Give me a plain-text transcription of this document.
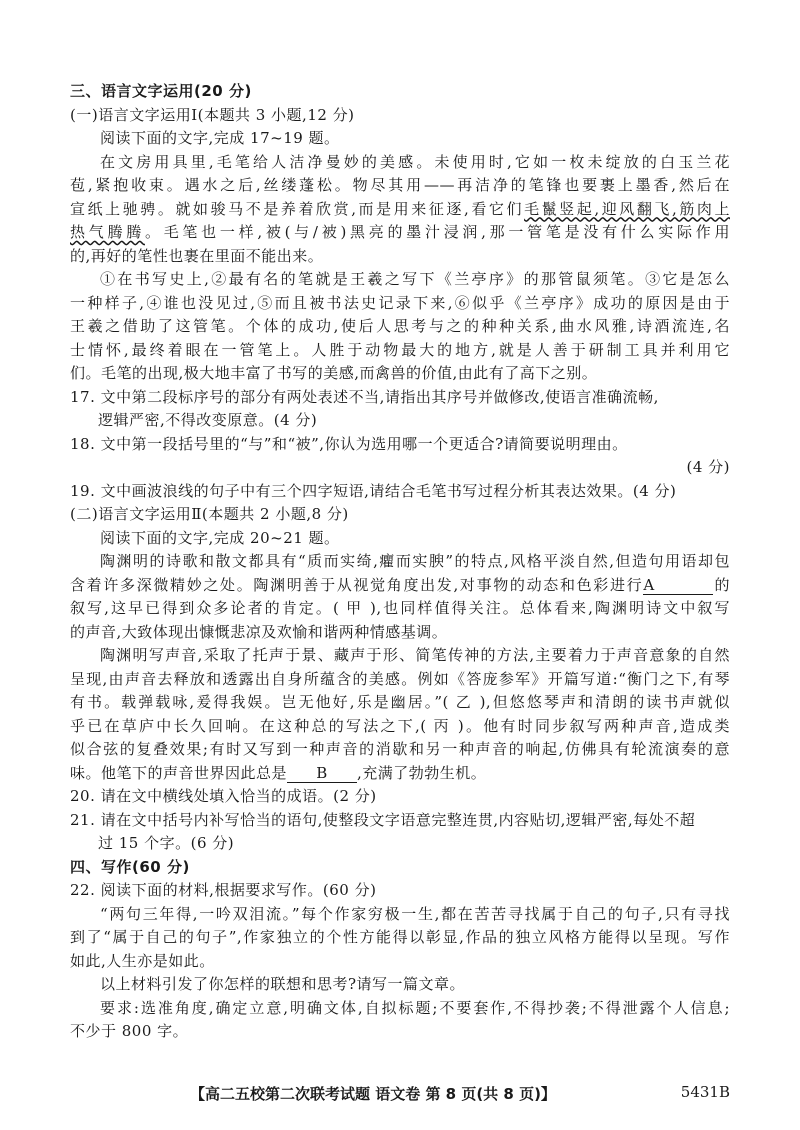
三、语言文字运用(20 分)
(一)语言文字运用Ⅰ(本题共 3 小题,12 分)
阅读下面的文字,完成 17~19 题。
在文房用具里,毛笔给人洁净曼妙的美感。未使用时,它如一枚未绽放的白玉兰花
苞,紧抱收束。遇水之后,丝缕蓬松。物尽其用——再洁净的笔锋也要裹上墨香,然后在
宣纸上驰骋。就如骏马不是养着欣赏,而是用来征逐,看它们毛鬣竖起,迎风翻飞,筋肉上
热气腾腾。毛笔也一样,被(与/被)黑亮的墨汁浸润,那一管笔是没有什么实际作用
的,再好的笔性也裹在里面不能出来。
①在书写史上,②最有名的笔就是王羲之写下《兰亭序》的那管鼠须笔。③它是怎么
一种样子,④谁也没见过,⑤而且被书法史记录下来,⑥似乎《兰亭序》成功的原因是由于
王羲之借助了这管笔。个体的成功,使后人思考与之的种种关系,曲水风雅,诗酒流连,名
士情怀,最终着眼在一管笔上。人胜于动物最大的地方,就是人善于研制工具并利用它
们。毛笔的出现,极大地丰富了书写的美感,而禽兽的价值,由此有了高下之别。
17. 文中第二段标序号的部分有两处表述不当,请指出其序号并做修改,使语言准确流畅,
逻辑严密,不得改变原意。(4 分)
18. 文中第一段括号里的“与”和“被”,你认为选用哪一个更适合?请简要说明理由。
(4 分)
19. 文中画波浪线的句子中有三个四字短语,请结合毛笔书写过程分析其表达效果。(4 分)
(二)语言文字运用Ⅱ(本题共 2 小题,8 分)
阅读下面的文字,完成 20~21 题。
陶渊明的诗歌和散文都具有“质而实绮,癯而实腴”的特点,风格平淡自然,但造句用语却包
含着许多深微精妙之处。陶渊明善于从视觉角度出发,对事物的动态和色彩进行A	的
叙写,这早已得到众多论者的肯定。( 甲 ),也同样值得关注。总体看来,陶渊明诗文中叙写
的声音,大致体现出慷慨悲凉及欢愉和谐两种情感基调。
陶渊明写声音,采取了托声于景、藏声于形、简笔传神的方法,主要着力于声音意象的自然
呈现,由声音去释放和透露出自身所蕴含的美感。例如《答庞参军》开篇写道:“衡门之下,有琴
有书。载弹载咏,爰得我娱。岂无他好,乐是幽居。”( 乙 ),但悠悠琴声和清朗的读书声就似
乎已在草庐中长久回响。在这种总的写法之下,( 丙 )。他有时同步叙写两种声音,造成类
似合弦的复叠效果;有时又写到一种声音的消歇和另一种声音的响起,仿佛具有轮流演奏的意
味。他笔下的声音世界因此总是 B ,充满了勃勃生机。
20. 请在文中横线处填入恰当的成语。(2 分)
21. 请在文中括号内补写恰当的语句,使整段文字语意完整连贯,内容贴切,逻辑严密,每处不超
过 15 个字。(6 分)
四、写作(60 分)
22. 阅读下面的材料,根据要求写作。(60 分)
“两句三年得,一吟双泪流。”每个作家穷极一生,都在苦苦寻找属于自己的句子,只有寻找
到了“属于自己的句子”,作家独立的个性方能得以彰显,作品的独立风格方能得以呈现。写作
如此,人生亦是如此。
以上材料引发了你怎样的联想和思考?请写一篇文章。
要求:选准角度,确定立意,明确文体,自拟标题;不要套作,不得抄袭;不得泄露个人信息;
不少于 800 字。
【高二五校第二次联考试题 语文卷 第 8 页(共 8 页)】	5431B
